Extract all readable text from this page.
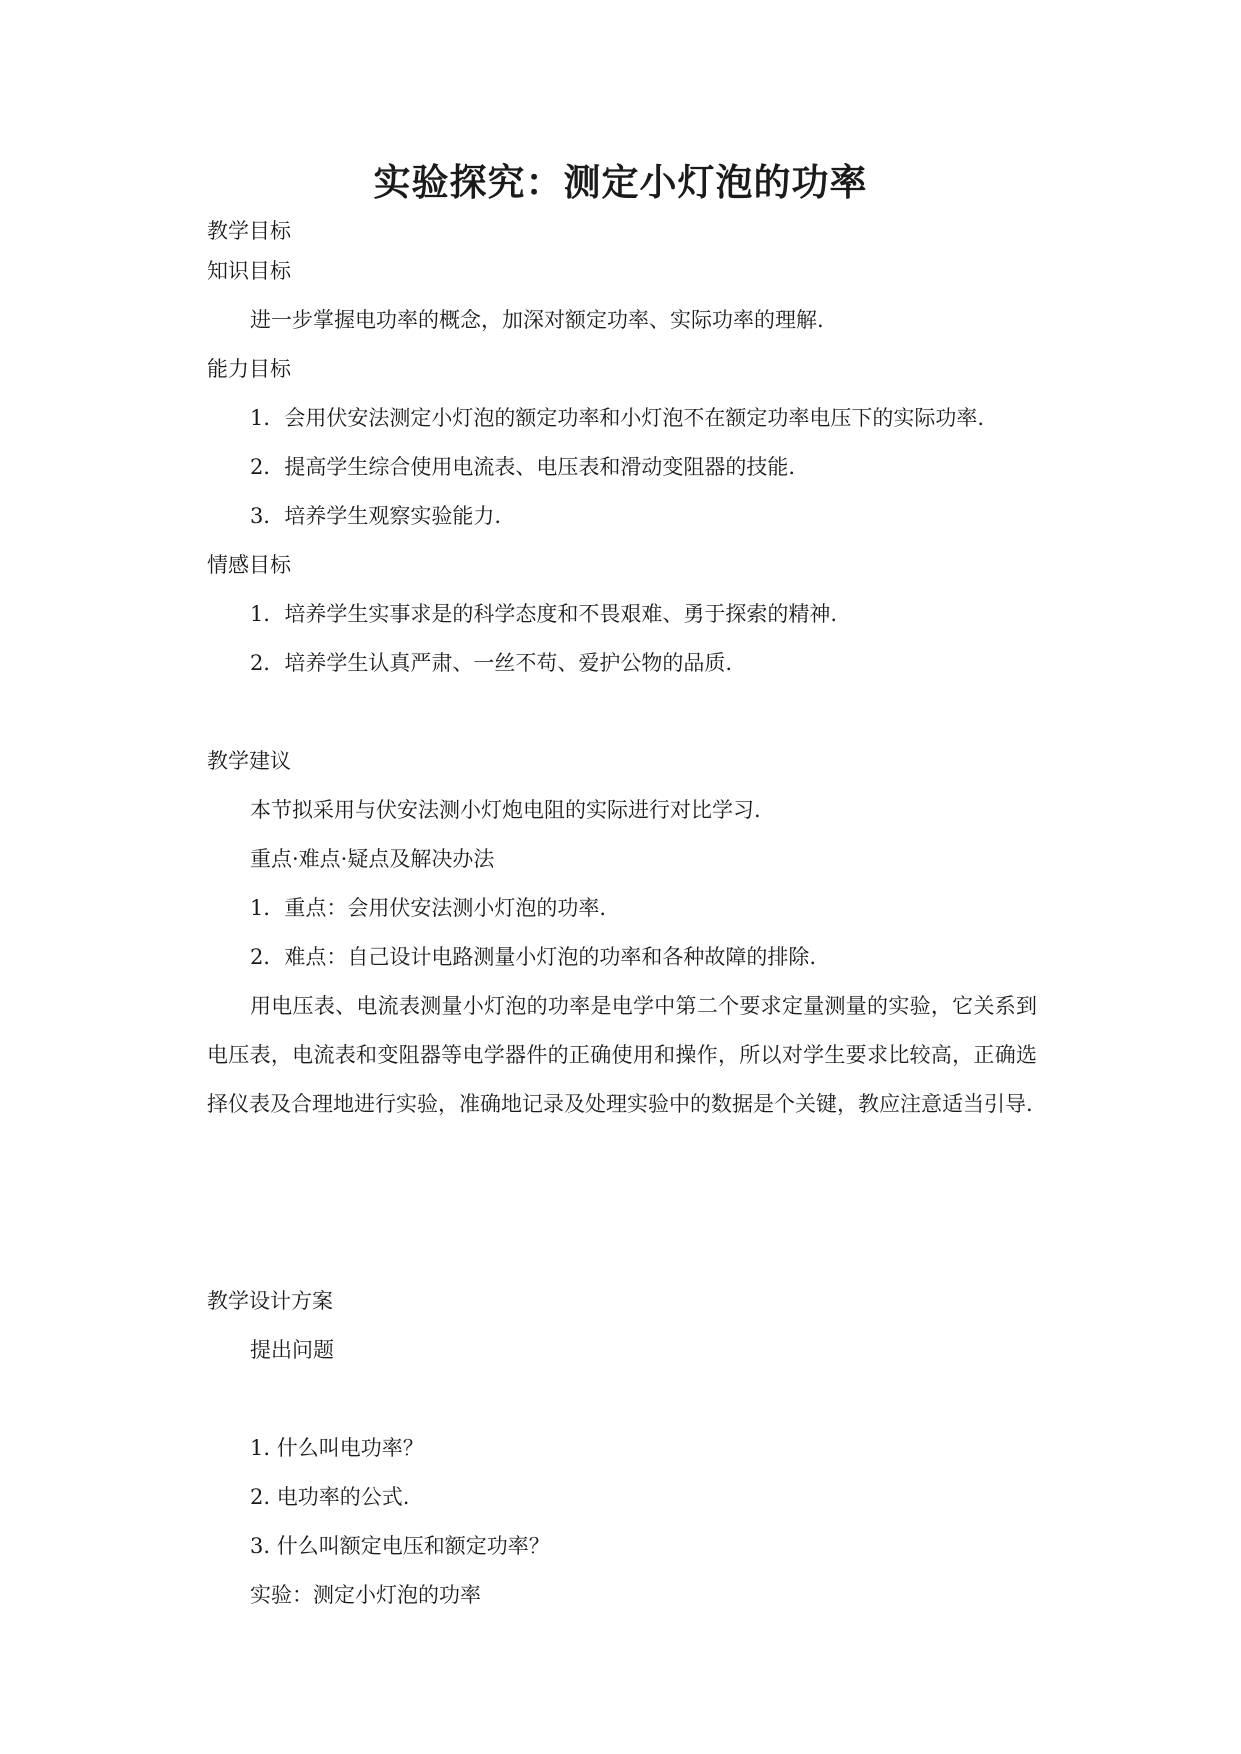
实验探究：测定小灯泡的功率
教学目标
知识目标
进一步掌握电功率的概念，加深对额定功率、实际功率的理解.
能力目标
1．会用伏安法测定小灯泡的额定功率和小灯泡不在额定功率电压下的实际功率.
2．提高学生综合使用电流表、电压表和滑动变阻器的技能.
3．培养学生观察实验能力.
情感目标
1．培养学生实事求是的科学态度和不畏艰难、勇于探索的精神.
2．培养学生认真严肃、一丝不苟、爱护公物的品质.
教学建议
本节拟采用与伏安法测小灯炮电阻的实际进行对比学习.
重点·难点·疑点及解决办法
1．重点：会用伏安法测小灯泡的功率.
2．难点：自己设计电路测量小灯泡的功率和各种故障的排除.
用电压表、电流表测量小灯泡的功率是电学中第二个要求定量测量的实验，它关系到电压表，电流表和变阻器等电学器件的正确使用和操作，所以对学生要求比较高，正确选择仪表及合理地进行实验，准确地记录及处理实验中的数据是个关键，教应注意适当引导.
教学设计方案
提出问题
1. 什么叫电功率？
2. 电功率的公式.
3. 什么叫额定电压和额定功率？
实验：测定小灯泡的功率
